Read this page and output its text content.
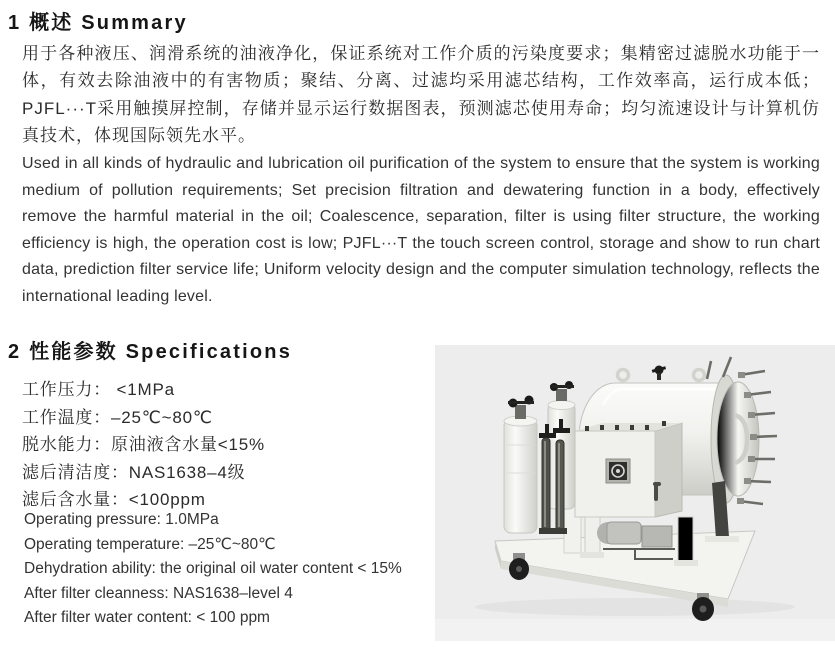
1 概述 Summary

用于各种液压、润滑系统的油液净化，保证系统对工作介质的污染度要求；集精密过滤脱水功能于一体，有效去除油液中的有害物质；聚结、分离、过滤均采用滤芯结构，工作效率高，运行成本低；PJFL···T采用触摸屏控制，存储并显示运行数据图表，预测滤芯使用寿命；均匀流速设计与计算机仿真技术，体现国际领先水平。

Used in all kinds of hydraulic and lubrication oil purification of the system to ensure that the system is working medium of pollution requirements; Set precision filtration and dewatering function in a body, effectively remove the harmful material in the oil; Coalescence, separation, filter is using filter structure, the working efficiency is high, the operation cost is low; PJFL···T the touch screen control, storage and show to run chart data, prediction filter service life; Uniform velocity design and the computer simulation technology, reflects the international leading level.

2 性能参数 Specifications
工作压力： <1MPa
工作温度：–25℃~80℃
脱水能力：原油液含水量<15%
滤后清洁度：NAS1638–4级
滤后含水量：<100ppm
Operating pressure: 1.0MPa
Operating temperature: –25℃~80℃
Dehydration ability: the original oil water content < 15%
After filter cleanness: NAS1638–level 4
After filter water content: < 100 ppm
